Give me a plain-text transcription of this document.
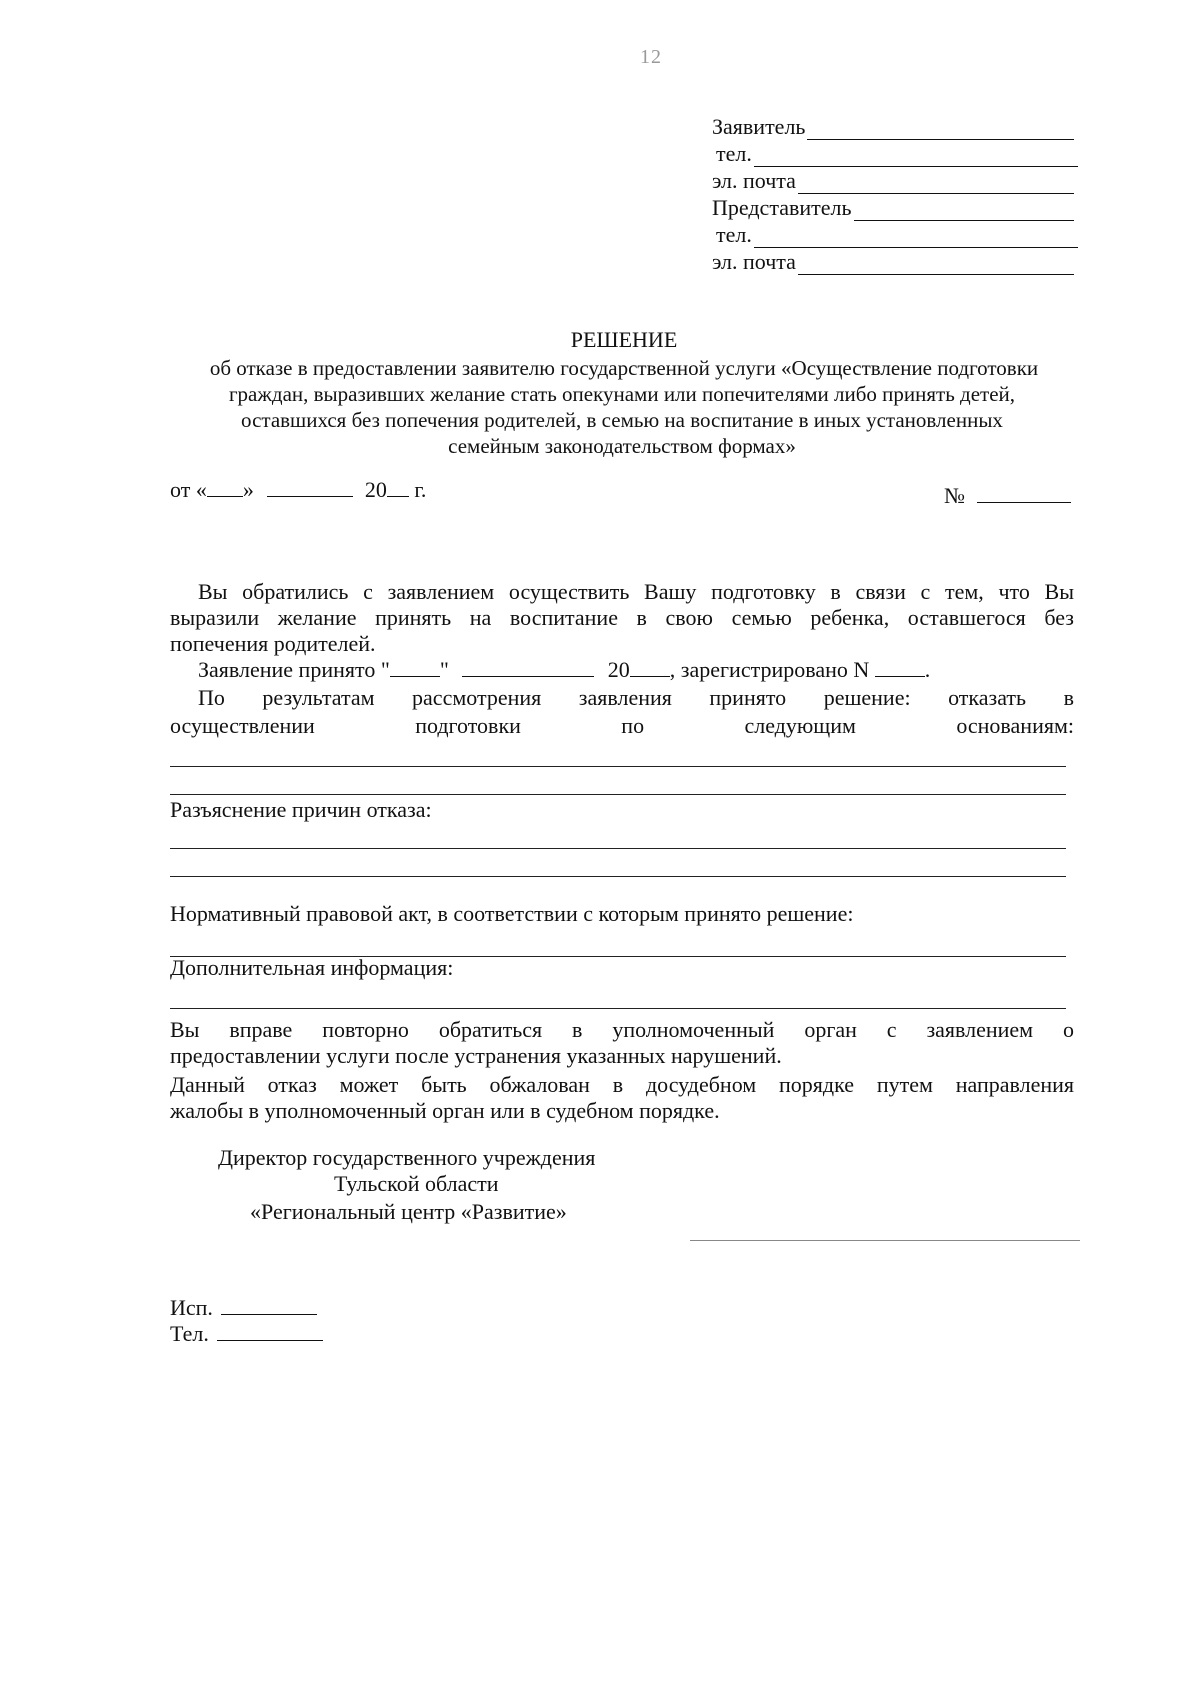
12
Заявитель
тел.
эл. почта
Представитель
тел.
эл. почта
РЕШЕНИЕ
об отказе в предоставлении заявителю государственной услуги «Осуществление подготовки
граждан, выразивших желание стать опекунами или попечителями либо принять детей,
оставшихся без попечения родителей, в семью на воспитание в иных установленных
семейным законодательством формах»
от « »	20 г.	№
Вы обратились с заявлением осуществить Вашу подготовку в связи с тем, что Вы
выразили желание принять на воспитание в свою семью ребенка, оставшегося без
попечения родителей.
Заявление принято " "	20 , зарегистрировано N	.
По результатам рассмотрения заявления принято решение: отказать в
осуществлении подготовки по следующим основаниям:
Разъяснение причин отказа:
Нормативный правовой акт, в соответствии с которым принято решение:
Дополнительная информация:
Вы вправе повторно обратиться в уполномоченный орган с заявлением о
предоставлении услуги после устранения указанных нарушений.
Данный отказ может быть обжалован в досудебном порядке путем направления
жалобы в уполномоченный орган или в судебном порядке.
Директор государственного учреждения
Тульской области
«Региональный центр «Развитие»
Исп.
Тел.
